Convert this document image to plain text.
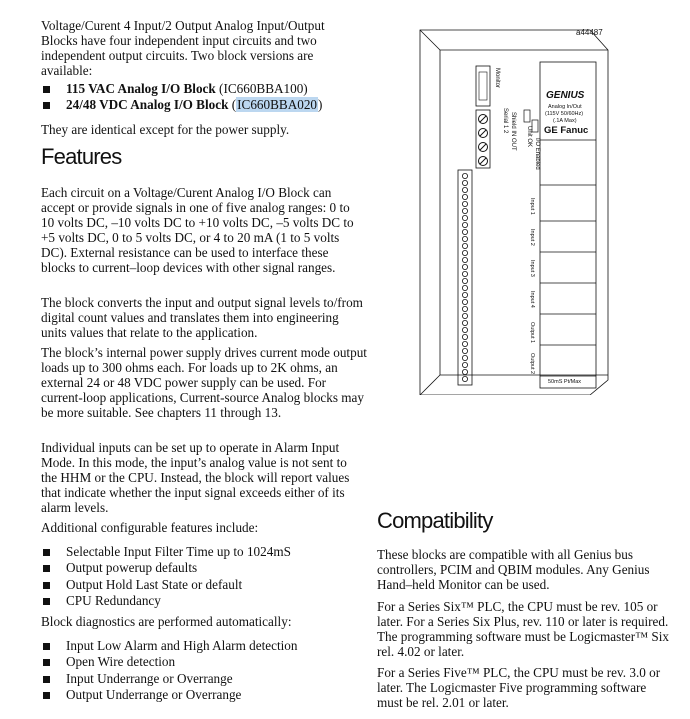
Voltage/Curent 4 Input/2 Output Analog Input/Output Blocks have four independent input circuits and two independent output circuits. Two block versions are available:

115 VAC Analog I/O Block (IC660BBA100)
24/48 VDC Analog I/O Block (IC660BBA020)

They are identical except for the power supply.

Features

Each circuit on a Voltage/Curent Analog I/O Block can accept or provide signals in one of five analog ranges: 0 to 10 volts DC, –10 volts DC to +10 volts DC, –5 volts DC to +5 volts DC, 0 to 5 volts DC, or 4 to 20 mA (1 to 5 volts DC). External resistance can be used to interface these blocks to current–loop devices with other signal ranges.

The block converts the input and output signal levels to/from digital count values and translates them into engineering units values that relate to the application.

The block’s internal power supply drives current mode output loads up to 300 ohms each. For loads up to 2K ohms, an external 24 or 48 VDC power supply can be used. For current-loop applications, Current-source Analog blocks may be more suitable. See chapters 11 through 13.

Individual inputs can be set up to operate in Alarm Input Mode. In this mode, the input’s analog value is not sent to the HHM or the CPU. Instead, the block will report values that indicate whether the input signal exceeds either of its alarm levels.

Additional configurable features include:

Selectable Input Filter Time up to 1024mS
Output powerup defaults
Output Hold Last State or default
CPU Redundancy

Block diagnostics are performed automatically:

Input Low Alarm and High Alarm detection
Open Wire detection
Input Underrange or Overrange
Output Underrange or Overrange
Compatibility

These blocks are compatible with all Genius bus controllers, PCIM and QBIM modules. Any Genius Hand–held Monitor can be used.

For a Series Six™ PLC, the CPU must be rev. 105 or later. For a Series Six Plus, rev. 110 or later is required. The programming software must be Logicmaster™ Six rel. 4.02 or later.

For a Series Five™ PLC, the CPU must be rev. 3.0 or later. The Logicmaster Five programming software must be rel. 2.01 or later.

a44487
Monitor
Serial 1 2 Shield IN OUT Unit OK
I/O Enabled
GENIUS
Analog In/Out
(115V 50/60Hz)
(.1A Max)
GE Fanuc
Input 1
Input 2
Input 3
Input 4
Output 1
Output 2
50mS Pt/Max
